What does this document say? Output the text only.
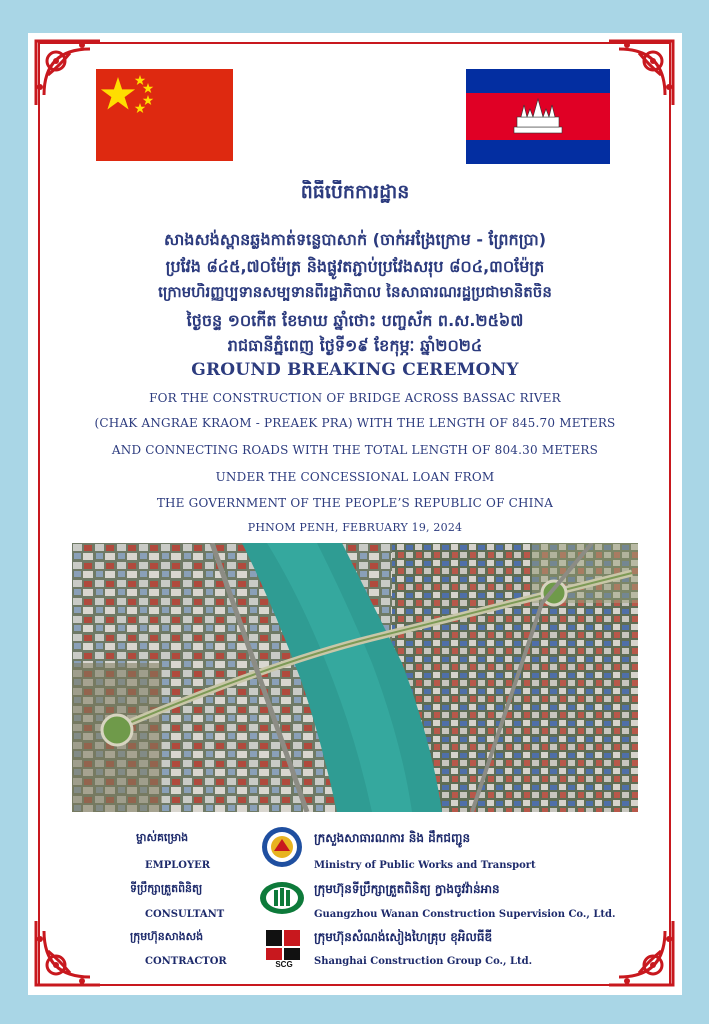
ពិធីបើកការដ្ឋាន
សាងសង់ស្ពានឆ្លងកាត់ទន្លេបាសាក់ (ចាក់អង្រែក្រោម - ព្រែកប្រា)
ប្រវែង ៨៤៥,៧០ម៉ែត្រ និងផ្លូវតភ្ជាប់ប្រវែងសរុប ៨០៤,៣០ម៉ែត្រ
ក្រោមហិរញ្ញប្បទានសម្បទានពីរដ្ឋាភិបាល នៃសាធារណរដ្ឋប្រជាមានិតចិន
ថ្ងៃចន្ទ ១០កើត ខែមាឃ ឆ្នាំថោះ បញ្ចស័ក ព.ស.២៥៦៧
រាជធានីភ្នំពេញ ថ្ងៃទី១៩ ខែកុម្ភៈ ឆ្នាំ២០២៤
GROUND BREAKING CEREMONY
FOR THE CONSTRUCTION OF BRIDGE ACROSS BASSAC RIVER
(CHAK ANGRAE KRAOM - PREAEK PRA) WITH THE LENGTH OF 845.70 METERS
AND CONNECTING ROADS WITH THE TOTAL LENGTH OF 804.30 METERS
UNDER THE CONCESSIONAL LOAN FROM
THE GOVERNMENT OF THE PEOPLE’S REPUBLIC OF CHINA
PHNOM PENH, FEBRUARY 19, 2024
ម្ចាស់គម្រោង
EMPLOYER
ក្រសួងសាធារណការ និង ដឹកជញ្ជូន
Ministry of Public Works and Transport
ទីប្រឹក្សាត្រួតពិនិត្យ
CONSULTANT
ក្រុមហ៊ុនទីប្រឹក្សាត្រួតពិនិត្យ ក្វាងចូវវ៉ាន់អាន
Guangzhou Wanan Construction Supervision Co., Ltd.
ក្រុមហ៊ុនសាងសង់
CONTRACTOR	SCG
ក្រុមហ៊ុនសំណង់សៀងហៃគ្រុប ខុអិលធីឌី
Shanghai Construction Group Co., Ltd.
